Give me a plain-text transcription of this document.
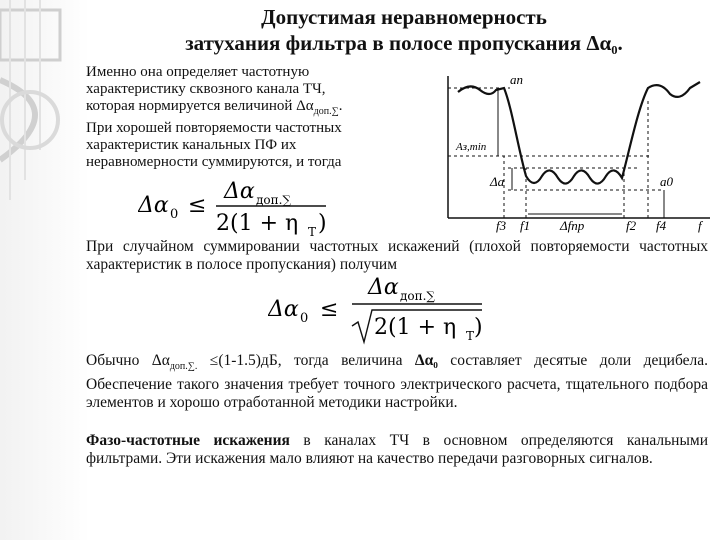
Допустимая неравномерность
затухания фильтра в полосе пропускания Δα₀.
Именно она определяет частотную
характеристику сквозного канала ТЧ,
которая нормируется величиной $\Delta\alpha_{доп.\sum}$.
При хорошей повторяемости частотных
характеристик канальных ПФ их
неравномерности суммируются, и тогда
aп
Aз,min
Δa	a0
f3 f1	f2 f4 f
Δfпр
Δα 0 ≤
Δα доп.∑
2(1 + η Т )
При случайном суммировании частотных искажений (плохой повторяемости частотных характеристик в полосе пропускания) получим
Δα 0 ≤
Δα доп.∑
2(1 + η Т )
Обычно $\Delta\alpha_{доп.\sum.} \le(1-1.5)дБ$, тогда величина Δα₀ составляет десятые доли децибела. Обеспечение такого значения требует точного электрического расчета, тщательного подбора элементов и хорошо отработанной методики настройки.
Фазо-частотные искажения в каналах ТЧ в основном определяются канальными фильтрами. Эти искажения мало влияют на качество передачи разговорных сигналов.
